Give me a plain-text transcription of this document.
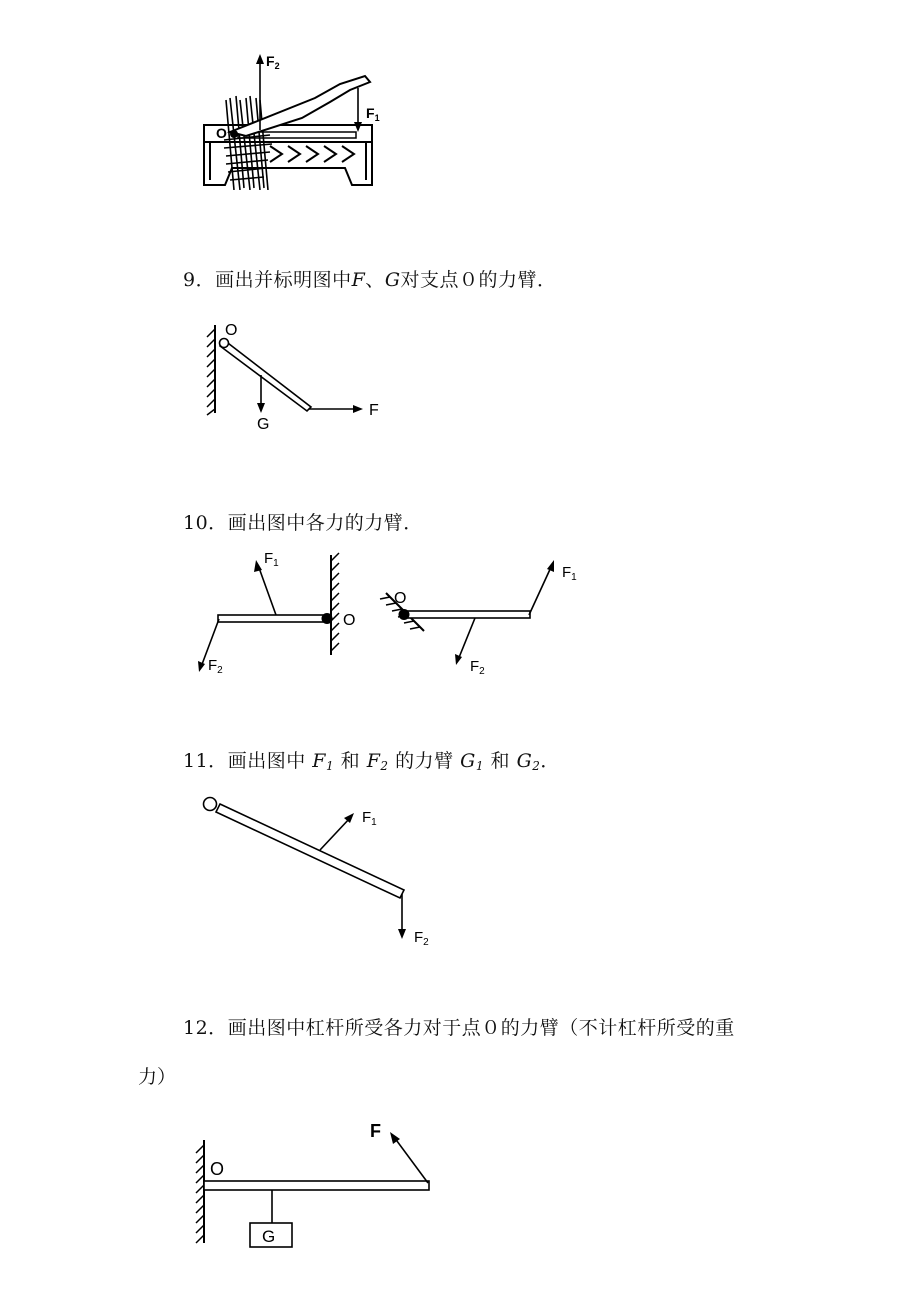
$F_2$
$F_1$
O
9．画出并标明图中F、G对支点０的力臂．
O
G
F
10．画出图中各力的力臂．
O
$F_1$
$F_2$
O
$F_1$
$F_2$
11．画出图中 $F_1$ 和 $F_2$ 的力臂 $G_1$ 和 $G_2$．
$F_1$
$F_2$
12．画出图中杠杆所受各力对于点０的力臂（不计杠杆所受的重
力）
O
F
G
